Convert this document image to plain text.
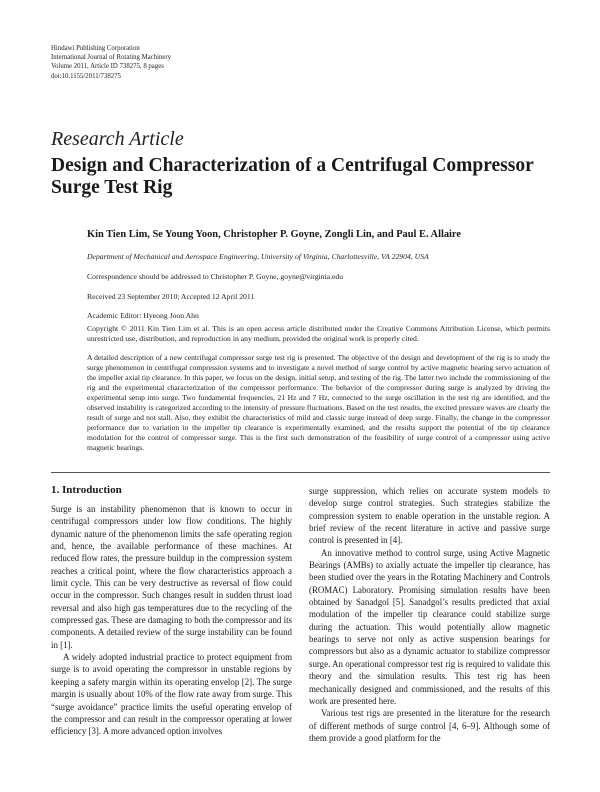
Hindawi Publishing Corporation
International Journal of Rotating Machinery
Volume 2011, Article ID 738275, 8 pages
doi:10.1155/2011/738275
Research Article
Design and Characterization of a Centrifugal Compressor Surge Test Rig
Kin Tien Lim, Se Young Yoon, Christopher P. Goyne, Zongli Lin, and Paul E. Allaire
Department of Mechanical and Aerospace Engineering, University of Virginia, Charlottesville, VA 22904, USA
Correspondence should be addressed to Christopher P. Goyne, goyne@virginia.edu
Received 23 September 2010; Accepted 12 April 2011
Academic Editor: Hyeong Joon Ahn
Copyright © 2011 Kin Tien Lim et al. This is an open access article distributed under the Creative Commons Attribution License, which permits unrestricted use, distribution, and reproduction in any medium, provided the original work is properly cited.
A detailed description of a new centrifugal compressor surge test rig is presented. The objective of the design and development of the rig is to study the surge phenomenon in centrifugal compression systems and to investigate a novel method of surge control by active magnetic bearing servo actuation of the impeller axial tip clearance. In this paper, we focus on the design, initial setup, and testing of the rig. The latter two include the commissioning of the rig and the experimental characterization of the compressor performance. The behavior of the compressor during surge is analyzed by driving the experimental setup into surge. Two fundamental frequencies, 21 Hz and 7 Hz, connected to the surge oscillation in the test rig are identified, and the observed instability is categorized according to the intensity of pressure fluctuations. Based on the test results, the excited pressure waves are clearly the result of surge and not stall. Also, they exhibit the characteristics of mild and classic surge instead of deep surge. Finally, the change in the compressor performance due to variation in the impeller tip clearance is experimentally examined, and the results support the potential of the tip clearance modulation for the control of compressor surge. This is the first such demonstration of the feasibility of surge control of a compressor using active magnetic bearings.
1. Introduction

Surge is an instability phenomenon that is known to occur in centrifugal compressors under low flow conditions. The highly dynamic nature of the phenomenon limits the safe operating region and, hence, the available performance of these machines. At reduced flow rates, the pressure buildup in the compression system reaches a critical point, where the flow characteristics approach a limit cycle. This can be very destructive as reversal of flow could occur in the compressor. Such changes result in sudden thrust load reversal and also high gas temperatures due to the recycling of the compressed gas. These are damaging to both the compressor and its components. A detailed review of the surge instability can be found in [1].

A widely adopted industrial practice to protect equipment from surge is to avoid operating the compressor in unstable regions by keeping a safety margin within its operating envelop [2]. The surge margin is usually about 10% of the flow rate away from surge. This “surge avoidance” practice limits the useful operating envelop of the compressor and can result in the compressor operating at lower efficiency [3]. A more advanced option involves

surge suppression, which relies on accurate system models to develop surge control strategies. Such strategies stabilize the compression system to enable operation in the unstable region. A brief review of the recent literature in active and passive surge control is presented in [4].

An innovative method to control surge, using Active Magnetic Bearings (AMBs) to axially actuate the impeller tip clearance, has been studied over the years in the Rotating Machinery and Controls (ROMAC) Laboratory. Promising simulation results have been obtained by Sanadgol [5]. Sanadgol’s results predicted that axial modulation of the impeller tip clearance could stabilize surge during the actuation. This would potentially allow magnetic bearings to serve not only as active suspension bearings for compressors but also as a dynamic actuator to stabilize compressor surge. An operational compressor test rig is required to validate this theory and the simulation results. This test rig has been mechanically designed and commissioned, and the results of this work are presented here.

Various test rigs are presented in the literature for the research of different methods of surge control [4, 6–9]. Although some of them provide a good platform for the
